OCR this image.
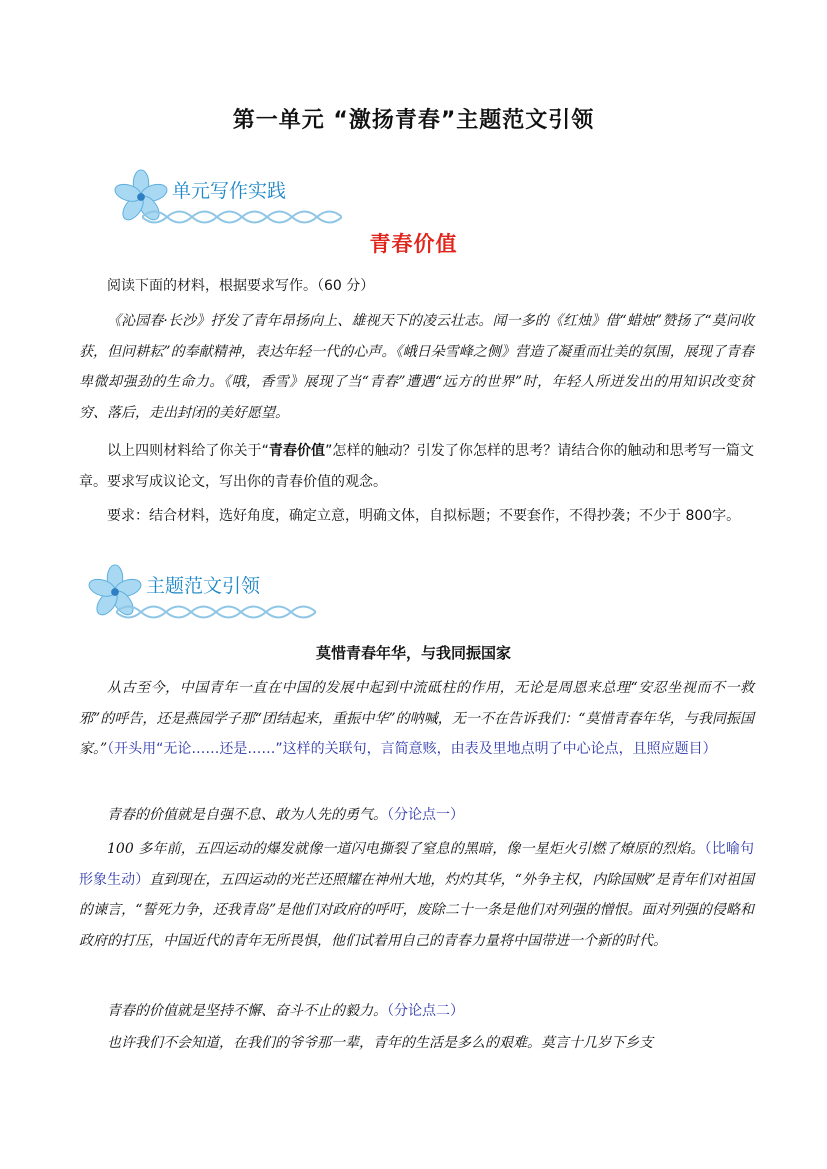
第一单元 “激扬青春”主题范文引领
单元写作实践
青春价值

阅读下面的材料，根据要求写作。（60 分）

《沁园春·长沙》抒发了青年昂扬向上、雄视天下的凌云壮志。闻一多的《红烛》借“蜡烛”赞扬了“莫问收获，但问耕耘”的奉献精神，表达年轻一代的心声。《峨日朵雪峰之侧》营造了凝重而壮美的氛围，展现了青春卑微却强劲的生命力。《哦，香雪》展现了当“青春”遭遇“远方的世界”时，年轻人所迸发出的用知识改变贫穷、落后，走出封闭的美好愿望。

以上四则材料给了你关于“青春价值”怎样的触动？引发了你怎样的思考？请结合你的触动和思考写一篇文章。要求写成议论文，写出你的青春价值的观念。

要求：结合材料，选好角度，确定立意，明确文体，自拟标题；不要套作，不得抄袭；不少于 800字。

主题范文引领
莫惜青春年华，与我同振国家

从古至今，中国青年一直在中国的发展中起到中流砥柱的作用，无论是周恩来总理“安忍坐视而不一救邪”的呼告，还是燕园学子那“团结起来，重振中华”的呐喊，无一不在告诉我们：“莫惜青春年华，与我同振国家。”（开头用“无论……还是……”这样的关联句，言简意赅，由表及里地点明了中心论点，且照应题目）

青春的价值就是自强不息、敢为人先的勇气。（分论点一）

100 多年前，五四运动的爆发就像一道闪电撕裂了窒息的黑暗，像一星炬火引燃了燎原的烈焰。（比喻句形象生动）直到现在，五四运动的光芒还照耀在神州大地，灼灼其华，“外争主权，内除国贼”是青年们对祖国的谏言，“誓死力争，还我青岛”是他们对政府的呼吁，废除二十一条是他们对列强的憎恨。面对列强的侵略和政府的打压，中国近代的青年无所畏惧，他们试着用自己的青春力量将中国带进一个新的时代。

青春的价值就是坚持不懈、奋斗不止的毅力。（分论点二）

也许我们不会知道，在我们的爷爷那一辈，青年的生活是多么的艰难。莫言十几岁下乡支
